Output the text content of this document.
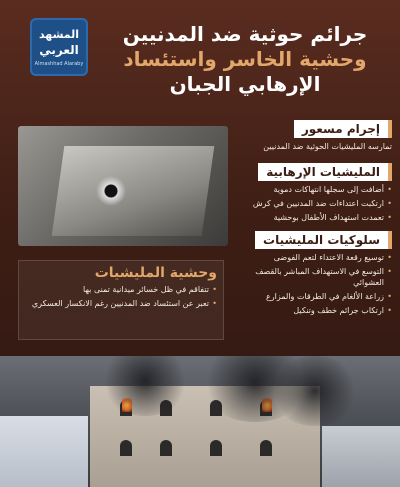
المشهد
العربي
Almashhad Alaraby
جرائم حوثية ضد المدنيين
وحشية الخاسر واستئساد
الإرهابي الجبان
إجرام مسعور
تمارسه المليشيات الحوثية ضد المدنيين
المليشيات الإرهابية
• أضافت إلى سجلها انتهاكات دموية
• ارتكبت اعتداءات ضد المدنيين في كرش
• تعمدت استهداف الأطفال بوحشية
سلوكيات المليشيات
• توسيع رقعة الاعتداء لتعم الفوضى
• التوسع في الاستهداف المباشر بالقصف العشوائي
• زراعة الألغام في الطرقات والمزارع
• ارتكاب جرائم خطف وتنكيل
وحشية المليشيات
• تتفاقم في ظل خسائر ميدانية تمنى بها
• تعبر عن استئساد ضد المدنيين رغم الانكسار العسكري
